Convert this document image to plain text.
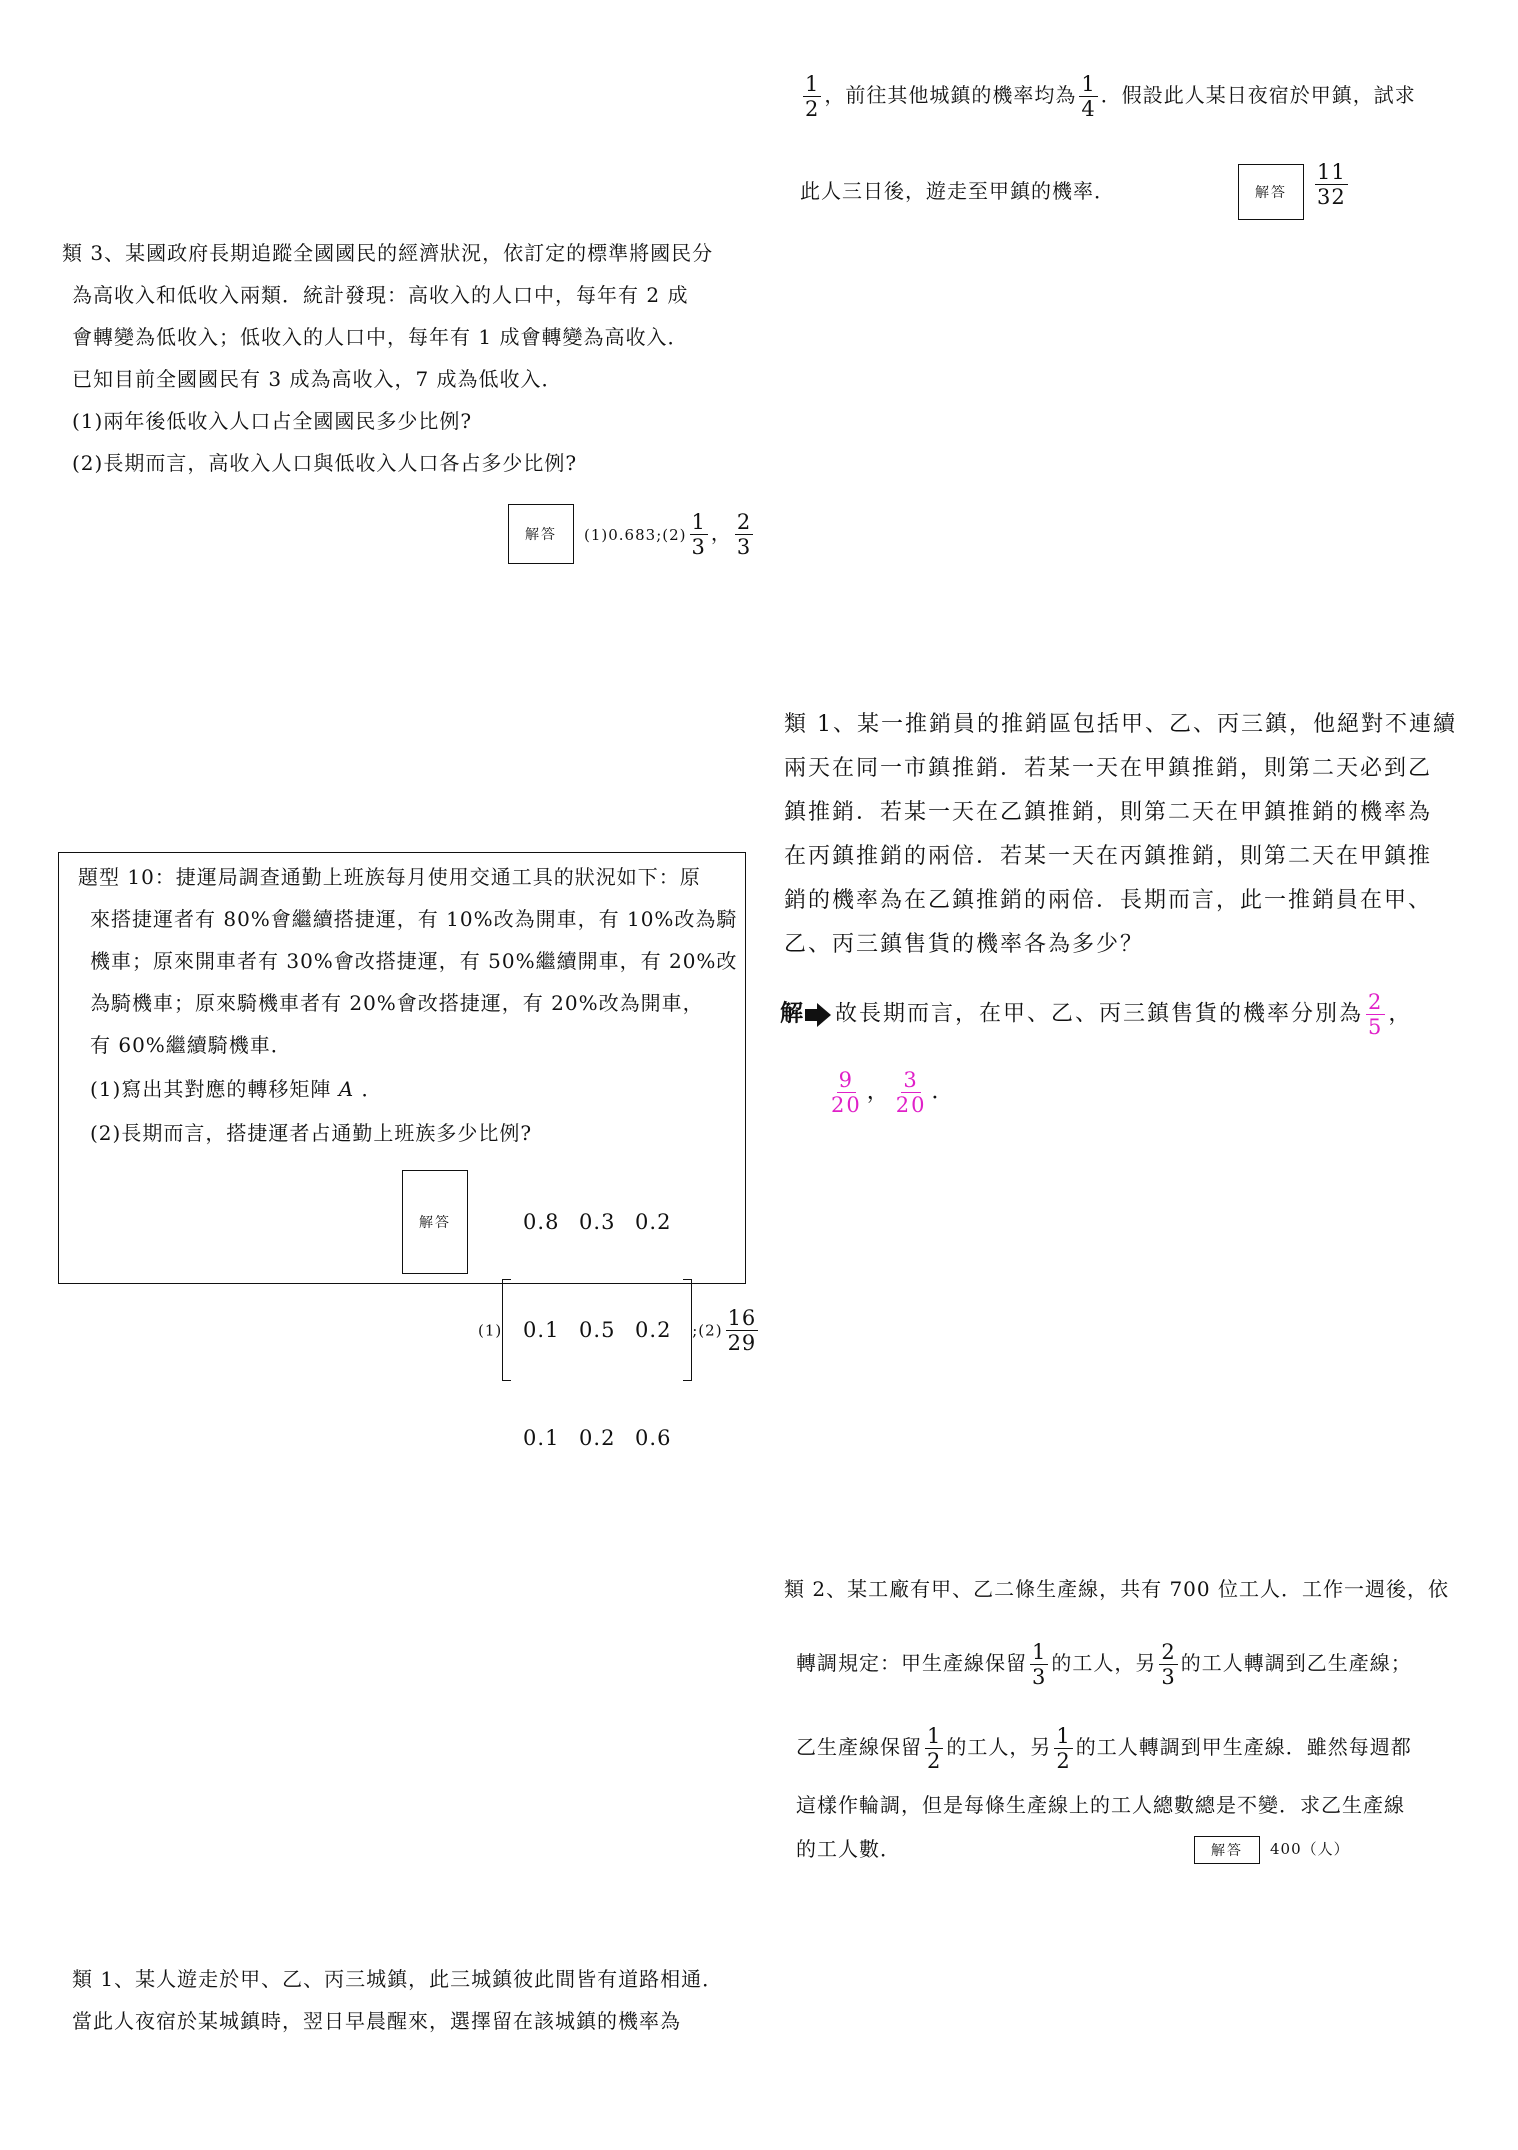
$\frac{1}{2}$ ，前往其他城鎮的機率均為 $\frac{1}{4}$ ．假設此人某日夜宿於甲鎮，試求
此人三日後，遊走至甲鎮的機率．	解答	$\frac{11}{32}$
類 3、某國政府長期追蹤全國國民的經濟狀況，依訂定的標準將國民分
為高收入和低收入兩類．統計發現：高收入的人口中，每年有 2 成
會轉變為低收入；低收入的人口中，每年有 1 成會轉變為高收入．
已知目前全國國民有 3 成為高收入，7 成為低收入．
(1)兩年後低收入人口占全國國民多少比例?
(2)長期而言，高收入人口與低收入人口各占多少比例?
解答	(1)0.683;(2) $\frac{1}{3}$ ， $\frac{2}{3}$
題型 10：捷運局調查通勤上班族每月使用交通工具的狀況如下：原
來搭捷運者有 80%會繼續搭捷運，有 10%改為開車，有 10%改為騎
機車；原來開車者有 30%會改搭捷運，有 50%繼續開車，有 20%改
為騎機車；原來騎機車者有 20%會改搭捷運，有 20%改為開車，
有 60%繼續騎機車．
(1)寫出其對應的轉移矩陣 A ．
(2)長期而言，搭捷運者占通勤上班族多少比例?
解答
(1)
0.8 0.3 0.2
0.1 0.5 0.2
0.1 0.2 0.6
;(2) $\frac{16}{29}$
類 1、某一推銷員的推銷區包括甲、乙、丙三鎮，他絕對不連續
兩天在同一市鎮推銷．若某一天在甲鎮推銷，則第二天必到乙
鎮推銷．若某一天在乙鎮推銷，則第二天在甲鎮推銷的機率為
在丙鎮推銷的兩倍．若某一天在丙鎮推銷，則第二天在甲鎮推
銷的機率為在乙鎮推銷的兩倍．長期而言，此一推銷員在甲、
乙、丙三鎮售貨的機率各為多少？
解 故長期而言，在甲、乙、丙三鎮售貨的機率分別為 $\frac{2}{5}$ ，
$\frac{9}{20}$ ， $\frac{3}{20}$ ．
類 2、某工廠有甲、乙二條生產線，共有 700 位工人．工作一週後，依
轉調規定：甲生產線保留 $\frac{1}{3}$ 的工人，另 $\frac{2}{3}$ 的工人轉調到乙生產線；
乙生產線保留 $\frac{1}{2}$ 的工人，另 $\frac{1}{2}$ 的工人轉調到甲生產線．雖然每週都
這樣作輪調，但是每條生產線上的工人總數總是不變．求乙生產線
的工人數．	解答	400（人）
類 1、某人遊走於甲、乙、丙三城鎮，此三城鎮彼此間皆有道路相通．
當此人夜宿於某城鎮時，翌日早晨醒來，選擇留在該城鎮的機率為
